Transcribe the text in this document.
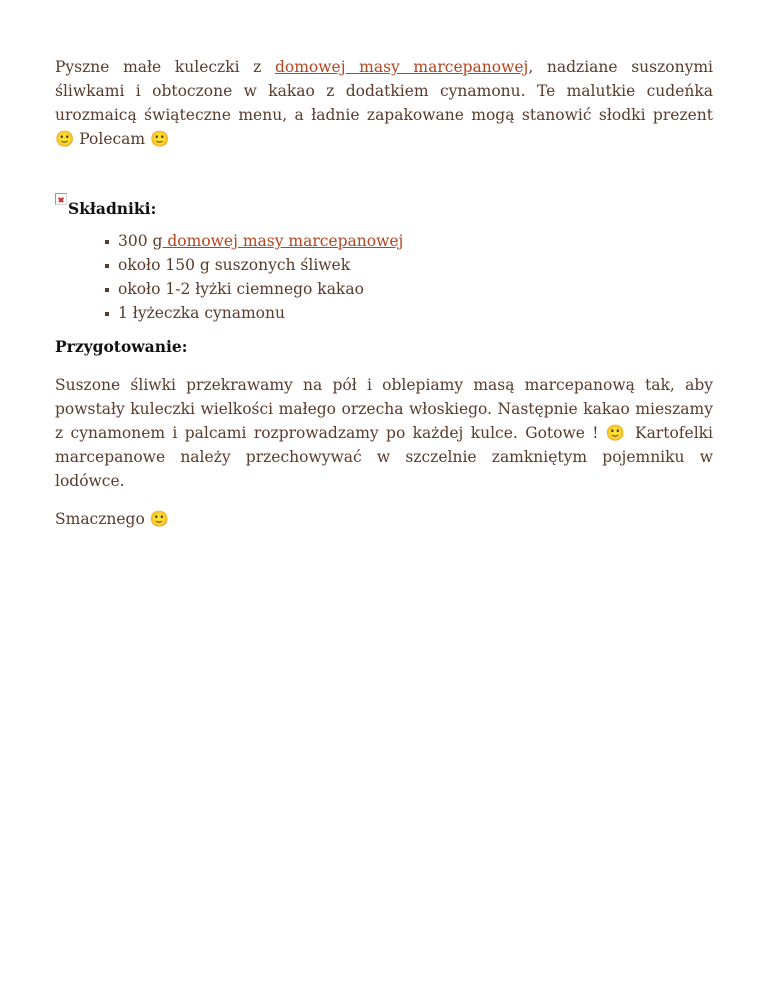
Pyszne małe kuleczki z domowej masy marcepanowej, nadziane suszonymi śliwkami i obtoczone w kakao z dodatkiem cynamonu. Te malutkie cudeńka urozmaicą świąteczne menu, a ładnie zapakowane mogą stanowić słodki prezent 🙂 Polecam 🙂

Składniki:

300 g domowej masy marcepanowej
około 150 g suszonych śliwek
około 1-2 łyżki ciemnego kakao
1 łyżeczka cynamonu

Przygotowanie:

Suszone śliwki przekrawamy na pół i oblepiamy masą marcepanową tak, aby powstały kuleczki wielkości małego orzecha włoskiego. Następnie kakao mieszamy z cynamonem i palcami rozprowadzamy po każdej kulce. Gotowe ! 🙂 Kartofelki marcepanowe należy przechowywać w szczelnie zamkniętym pojemniku w lodówce.

Smacznego 🙂
